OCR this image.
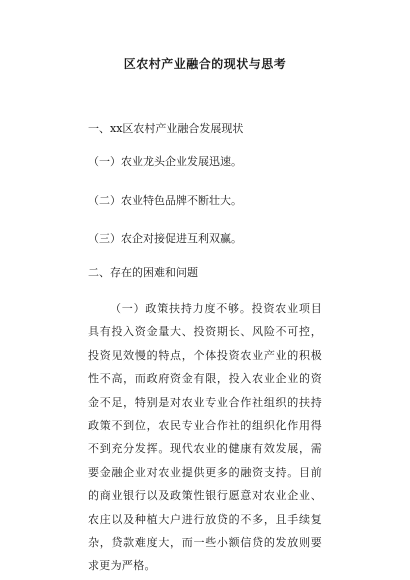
区农村产业融合的现状与思考

一、xx区农村产业融合发展现状

（一）农业龙头企业发展迅速。

（二）农业特色品牌不断壮大。

（三）农企对接促进互利双赢。

二、存在的困难和问题

（一）政策扶持力度不够。投资农业项目具有投入资金量大、投资期长、风险不可控，投资见效慢的特点，个体投资农业产业的积极性不高，而政府资金有限，投入农业企业的资金不足，特别是对农业专业合作社组织的扶持政策不到位，农民专业合作社的组织化作用得不到充分发挥。现代农业的健康有效发展，需要金融企业对农业提供更多的融资支持。目前的商业银行以及政策性银行愿意对农业企业、农庄以及种植大户进行放贷的不多，且手续复杂，贷款难度大，而一些小额信贷的发放则要求更为严格。
